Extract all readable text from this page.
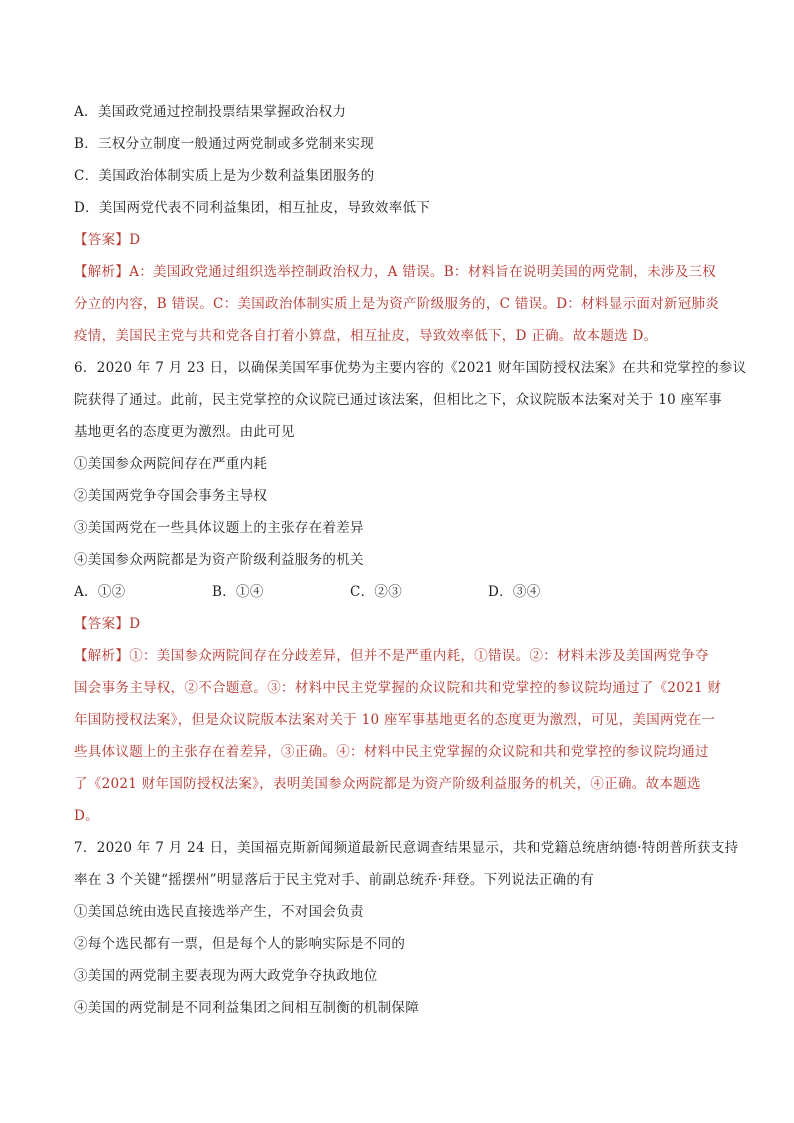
A．美国政党通过控制投票结果掌握政治权力
B．三权分立制度一般通过两党制或多党制来实现
C．美国政治体制实质上是为少数利益集团服务的
D．美国两党代表不同利益集团，相互扯皮，导致效率低下
【答案】D
【解析】A：美国政党通过组织选举控制政治权力，A 错误。B：材料旨在说明美国的两党制，未涉及三权
分立的内容，B 错误。C：美国政治体制实质上是为资产阶级服务的，C 错误。D：材料显示面对新冠肺炎
疫情，美国民主党与共和党各自打着小算盘，相互扯皮，导致效率低下，D 正确。故本题选 D。
6．2020 年 7 月 23 日，以确保美国军事优势为主要内容的《2021 财年国防授权法案》在共和党掌控的参议
院获得了通过。此前，民主党掌控的众议院已通过该法案，但相比之下，众议院版本法案对关于 10 座军事
基地更名的态度更为激烈。由此可见
①美国参众两院间存在严重内耗
②美国两党争夺国会事务主导权
③美国两党在一些具体议题上的主张存在着差异
④美国参众两院都是为资产阶级利益服务的机关
A．①②	B．①④	C．②③	D．③④
【答案】D
【解析】①：美国参众两院间存在分歧差异，但并不是严重内耗，①错误。②：材料未涉及美国两党争夺
国会事务主导权，②不合题意。③：材料中民主党掌握的众议院和共和党掌控的参议院均通过了《2021 财
年国防授权法案》，但是众议院版本法案对关于 10 座军事基地更名的态度更为激烈，可见，美国两党在一
些具体议题上的主张存在着差异，③正确。④：材料中民主党掌握的众议院和共和党掌控的参议院均通过
了《2021 财年国防授权法案》，表明美国参众两院都是为资产阶级利益服务的机关，④正确。故本题选
D。
7．2020 年 7 月 24 日，美国福克斯新闻频道最新民意调查结果显示，共和党籍总统唐纳德·特朗普所获支持
率在 3 个关键“摇摆州”明显落后于民主党对手、前副总统乔·拜登。下列说法正确的有
①美国总统由选民直接选举产生，不对国会负责
②每个选民都有一票，但是每个人的影响实际是不同的
③美国的两党制主要表现为两大政党争夺执政地位
④美国的两党制是不同利益集团之间相互制衡的机制保障
